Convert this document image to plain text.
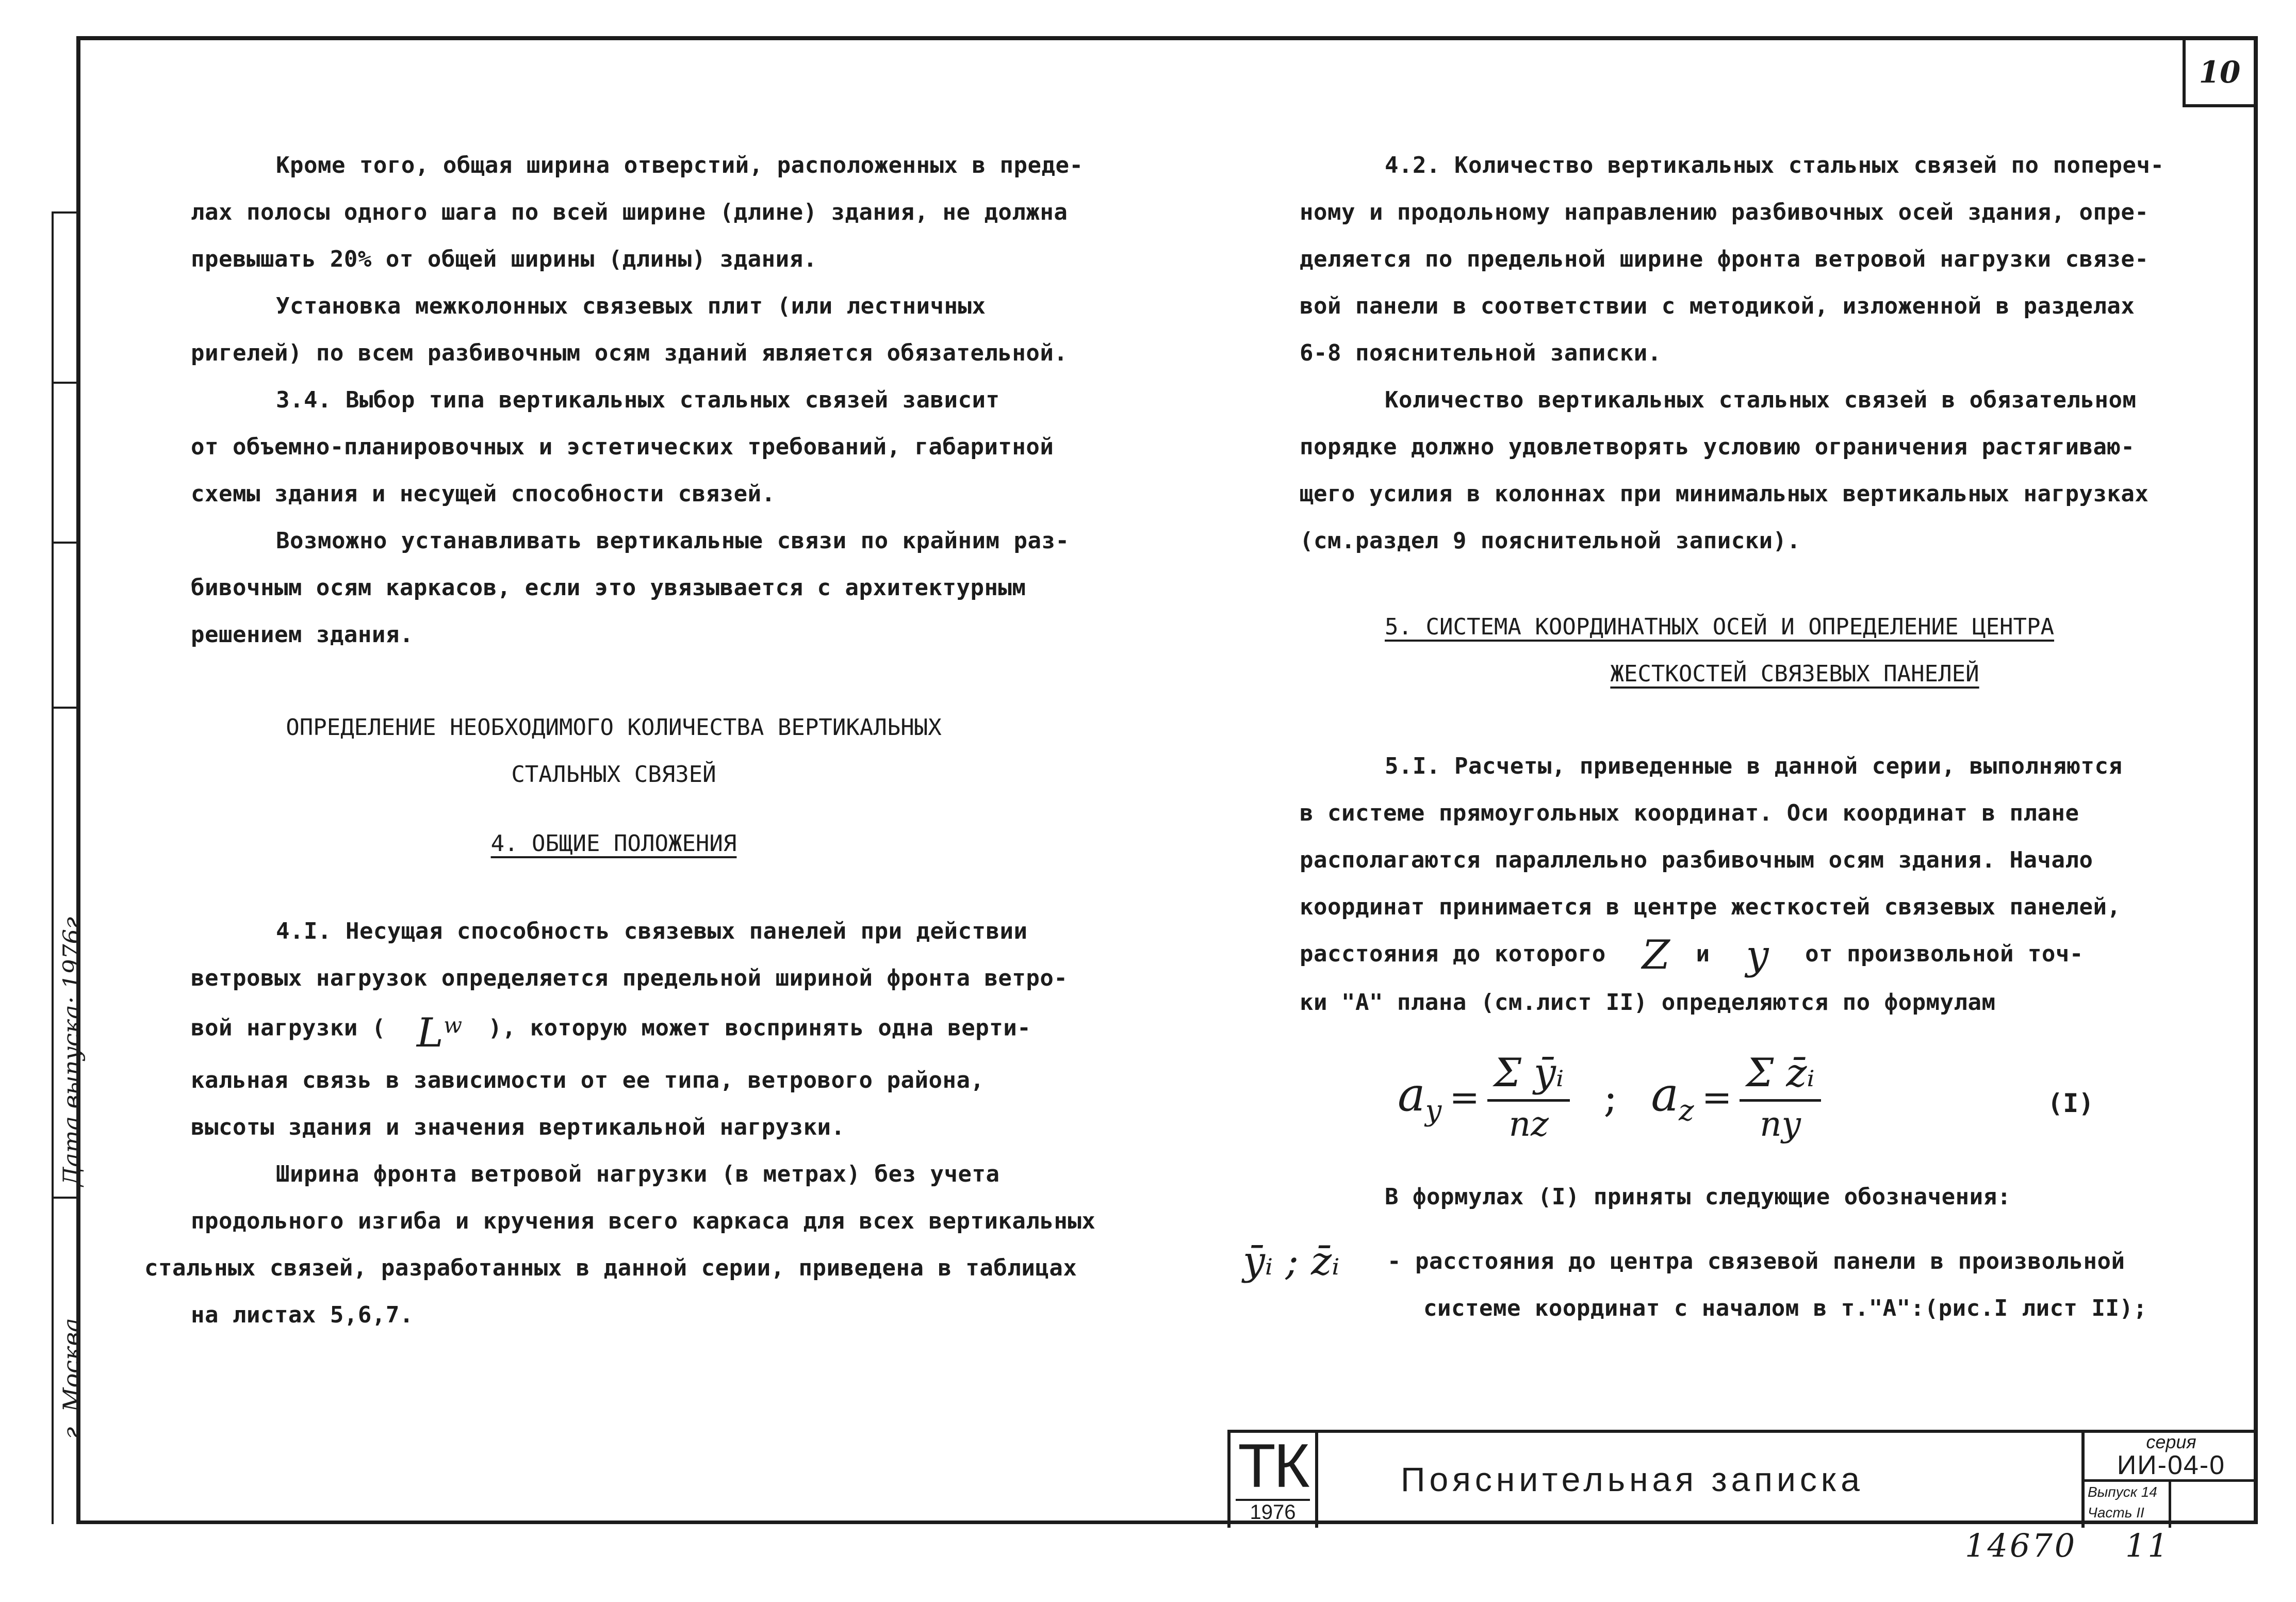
10
Дата выпуска: 1976г.
г. Москва

Кроме того, общая ширина отверстий, расположенных в преде-

лах полосы одного шага по всей ширине (длине) здания, не должна

превышать 20% от общей ширины (длины) здания.

Установка межколонных связевых плит (или лестничных

ригелей) по всем разбивочным осям зданий является обязательной.

3.4. Выбор типа вертикальных стальных связей зависит

от объемно-планировочных и эстетических требований, габаритной

схемы здания и несущей способности связей.

Возможно устанавливать вертикальные связи по крайним раз-

бивочным осям каркасов, если это увязывается с архитектурным

решением здания.

ОПРЕДЕЛЕНИЕ НЕОБХОДИМОГО КОЛИЧЕСТВА ВЕРТИКАЛЬНЫХ

СТАЛЬНЫХ СВЯЗЕЙ

4. ОБЩИЕ ПОЛОЖЕНИЯ

4.I. Несущая способность связевых панелей при действии

ветровых нагрузок определяется предельной шириной фронта ветро-

вой нагрузки ( $L^w$ ), которую может воспринять одна верти-

кальная связь в зависимости от ее типа, ветрового района,

высоты здания и значения вертикальной нагрузки.

Ширина фронта ветровой нагрузки (в метрах) без учета

продольного изгиба и кручения всего каркаса для всех вертикальных

стальных связей, разработанных в данной серии, приведена в таблицах

на листах 5,6,7.

4.2. Количество вертикальных стальных связей по попереч-

ному и продольному направлению разбивочных осей здания, опре-

деляется по предельной ширине фронта ветровой нагрузки связе-

вой панели в соответствии с методикой, изложенной в разделах

6-8 пояснительной записки.

Количество вертикальных стальных связей в обязательном

порядке должно удовлетворять условию ограничения растягиваю-

щего усилия в колоннах при минимальных вертикальных нагрузках

(см.раздел 9 пояснительной записки).

5. СИСТЕМА КООРДИНАТНЫХ ОСЕЙ И ОПРЕДЕЛЕНИЕ ЦЕНТРА

ЖЕСТКОСТЕЙ СВЯЗЕВЫХ ПАНЕЛЕЙ

5.I. Расчеты, приведенные в данной серии, выполняются

в системе прямоугольных координат. Оси координат в плане

располагаются параллельно разбивочным осям здания. Начало

координат принимается в центре жесткостей связевых панелей,

расстояния до которого Z и y от произвольной точ-

ки "А" плана (см.лист II) определяются по формулам

$a_y = \frac{\text{Σ ȳᵢ}}{nz}$ ; $a_z = \frac{\text{Σ z̄ᵢ}}{ny}$	(I)

В формулах (I) приняты следующие обозначения:

ȳᵢ ; z̄ᵢ - расстояния до центра связевой панели в произвольной

системе координат с началом в т."А":(рис.I лист II);

ТК
1976
Пояснительная записка
серия
ИИ-04-0
Выпуск 14
Часть II
14670 11
